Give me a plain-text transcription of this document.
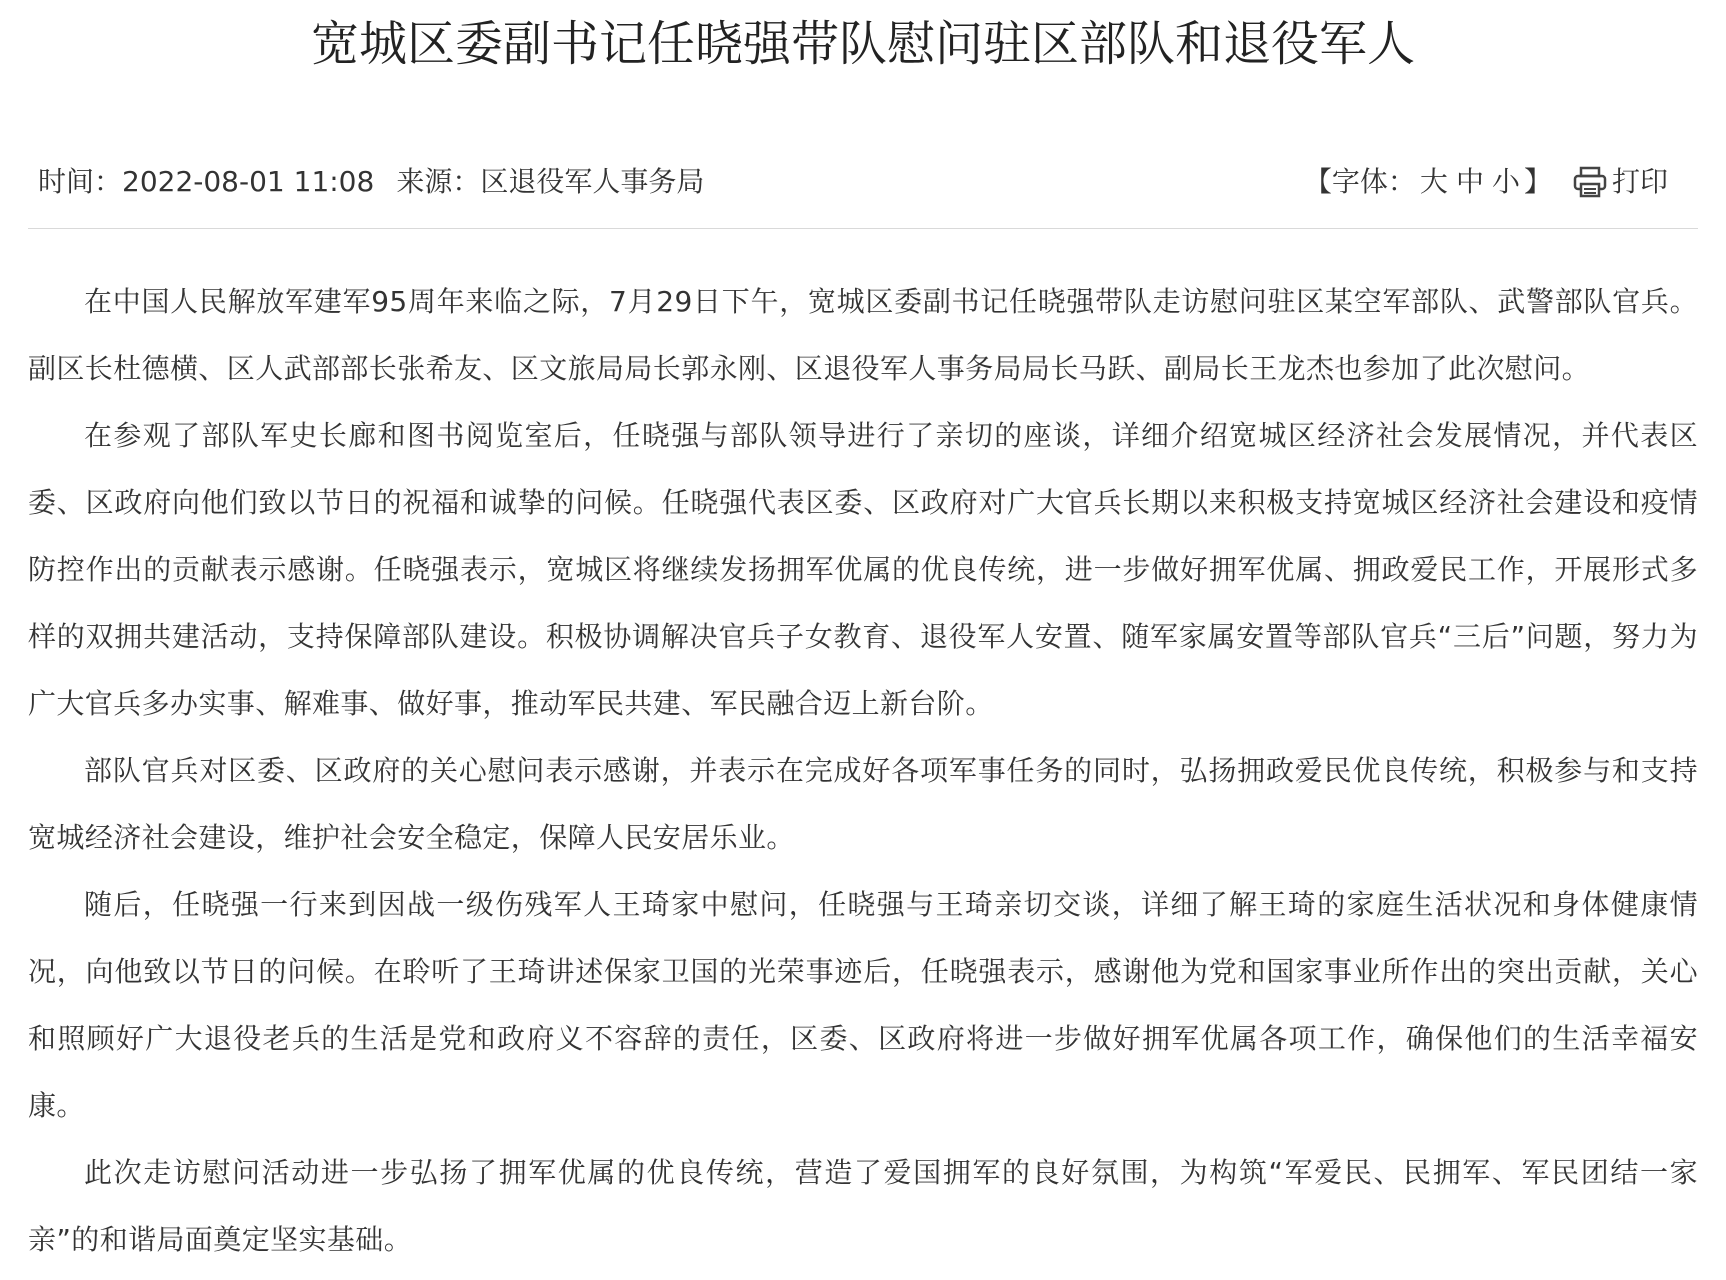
宽城区委副书记任晓强带队慰问驻区部队和退役军人
时间：2022-08-01 11:08 来源：区退役军人事务局	【字体： 大 中 小 】 打印

在中国人民解放军建军95周年来临之际，7月29日下午，宽城区委副书记任晓强带队走访慰问驻区某空军部队、武警部队官兵。副区长杜德横、区人武部部长张希友、区文旅局局长郭永刚、区退役军人事务局局长马跃、副局长王龙杰也参加了此次慰问。

在参观了部队军史长廊和图书阅览室后，任晓强与部队领导进行了亲切的座谈，详细介绍宽城区经济社会发展情况，并代表区委、区政府向他们致以节日的祝福和诚挚的问候。任晓强代表区委、区政府对广大官兵长期以来积极支持宽城区经济社会建设和疫情防控作出的贡献表示感谢。任晓强表示，宽城区将继续发扬拥军优属的优良传统，进一步做好拥军优属、拥政爱民工作，开展形式多样的双拥共建活动，支持保障部队建设。积极协调解决官兵子女教育、退役军人安置、随军家属安置等部队官兵“三后”问题，努力为广大官兵多办实事、解难事、做好事，推动军民共建、军民融合迈上新台阶。

部队官兵对区委、区政府的关心慰问表示感谢，并表示在完成好各项军事任务的同时，弘扬拥政爱民优良传统，积极参与和支持宽城经济社会建设，维护社会安全稳定，保障人民安居乐业。

随后，任晓强一行来到因战一级伤残军人王琦家中慰问，任晓强与王琦亲切交谈，详细了解王琦的家庭生活状况和身体健康情况，向他致以节日的问候。在聆听了王琦讲述保家卫国的光荣事迹后，任晓强表示，感谢他为党和国家事业所作出的突出贡献，关心和照顾好广大退役老兵的生活是党和政府义不容辞的责任，区委、区政府将进一步做好拥军优属各项工作，确保他们的生活幸福安康。

此次走访慰问活动进一步弘扬了拥军优属的优良传统，营造了爱国拥军的良好氛围，为构筑“军爱民、民拥军、军民团结一家亲”的和谐局面奠定坚实基础。
